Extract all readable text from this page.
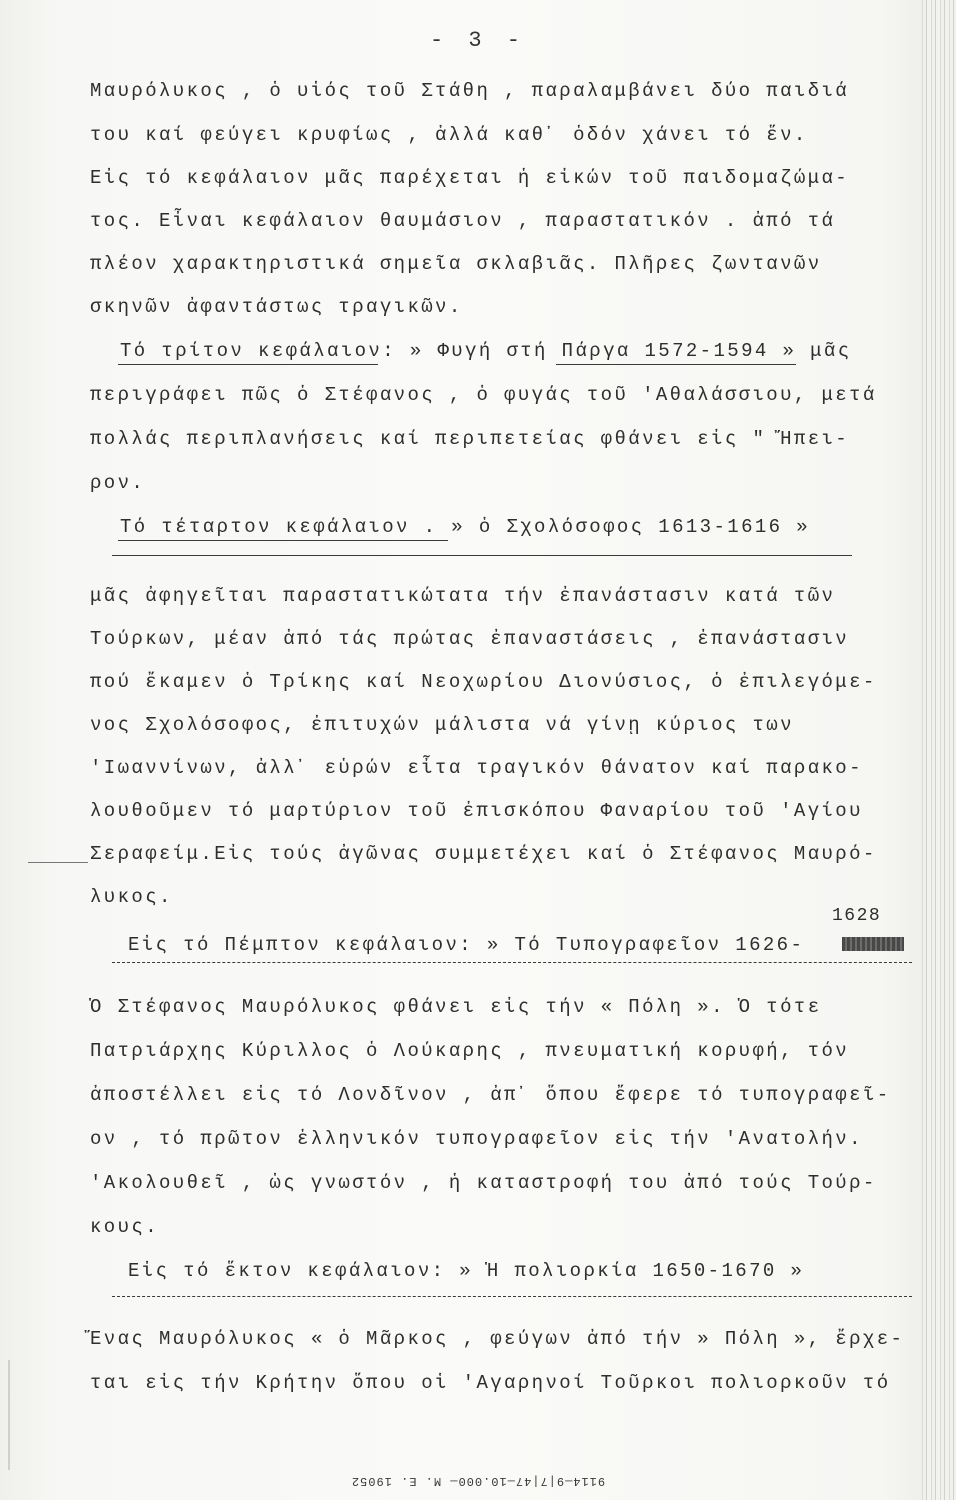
- 3 -
Μαυρόλυκος , ὁ υἱός τοῦ Στάθη , παραλαμβάνει δύο παιδιά
του καί φεύγει κρυφίως , ἀλλά καθ᾽ ὁδόν χάνει τό ἕν.
Εἰς τό κεφάλαιον μᾶς παρέχεται ἡ εἰκών τοῦ παιδομαζώμα-
τος. Εἶναι κεφάλαιον θαυμάσιον , παραστατικόν . ἀπό τά
πλέον χαρακτηριστικά σημεῖα σκλαβιᾶς. Πλῆρες ζωντανῶν
σκηνῶν ἀφαντάστως τραγικῶν.
Τό τρίτον κεφάλαιον: » Φυγή στή Πάργα 1572-1594 » μᾶς
περιγράφει πῶς ὁ Στέφανος , ὁ φυγάς τοῦ 'Αθαλάσσιου, μετά
πολλάς περιπλανήσεις καί περιπετείας φθάνει εἰς " Ἤπει-
ρον.
Τό τέταρτον κεφάλαιον . » ὁ Σχολόσοφος 1613-1616 »
μᾶς ἀφηγεῖται παραστατικώτατα τήν ἐπανάστασιν κατά τῶν
Τούρκων, μέαν ἀπό τάς πρώτας ἐπαναστάσεις , ἐπανάστασιν
πού ἔκαμεν ὁ Τρίκης καί Νεοχωρίου Διονύσιος, ὁ ἐπιλεγόμε-
νος Σχολόσοφος, ἐπιτυχών μάλιστα νά γίνῃ κύριος των
'Ιωαννίνων, ἀλλ᾽ εὑρών εἶτα τραγικόν θάνατον καί παρακο-
λουθοῦμεν τό μαρτύριον τοῦ ἐπισκόπου Φαναρίου τοῦ 'Αγίου
Σεραφείμ.Εἰς τούς ἀγῶνας συμμετέχει καί ὁ Στέφανος Μαυρό-
λυκος.
1628
Εἰς τό Πέμπτον κεφάλαιον: » Τό Τυπογραφεῖον 1626-
Ὁ Στέφανος Μαυρόλυκος φθάνει εἰς τήν « Πόλη ». Ὁ τότε
Πατριάρχης Κύριλλος ὁ Λούκαρης , πνευματική κορυφή, τόν
ἀποστέλλει εἰς τό Λονδῖνον , ἀπ᾽ ὅπου ἔφερε τό τυπογραφεῖ-
ον , τό πρῶτον ἑλληνικόν τυπογραφεῖον εἰς τήν 'Ανατολήν.
'Ακολουθεῖ , ὡς γνωστόν , ἡ καταστροφή του ἀπό τούς Τούρ-
κους.
Εἰς τό ἕκτον κεφάλαιον: » Ἡ πολιορκία 1650-1670 »
Ἕνας Μαυρόλυκος « ὁ Μᾶρκος , φεύγων ἀπό τήν » Πόλη », ἔρχε-
ται εἰς τήν Κρήτην ὅπου οἱ 'Αγαρηνοί Τοῦρκοι πολιορκοῦν τό
9114—9|7|47—10.000— M. E. 19052
